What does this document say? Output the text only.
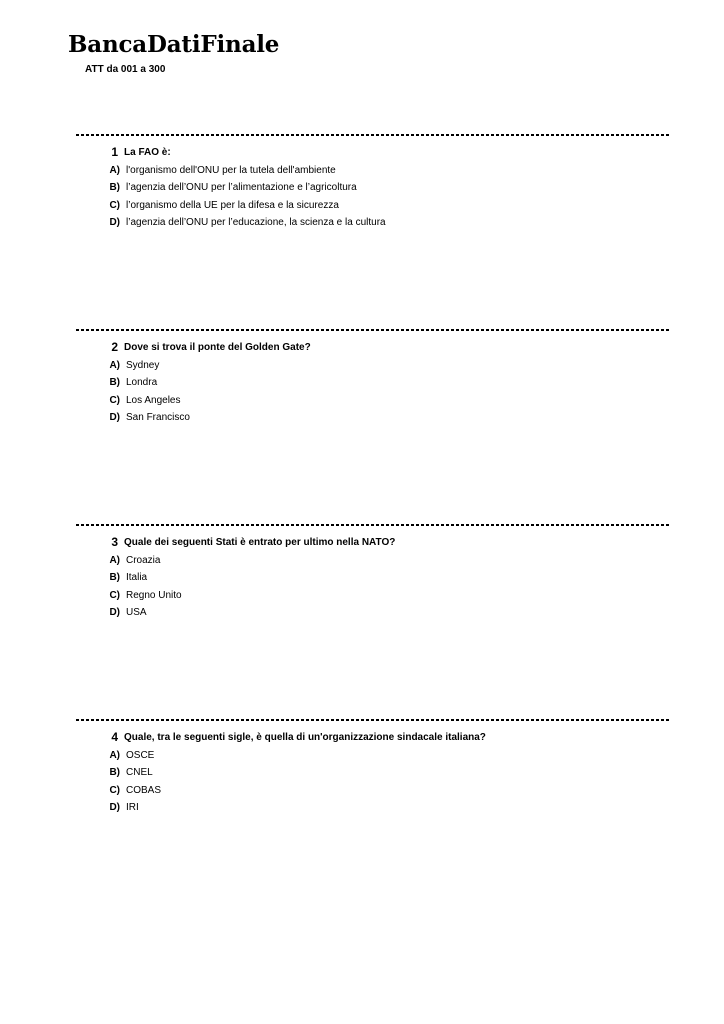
BancaDatiFinale
ATT da 001 a 300
1 La FAO è:
A) l'organismo dell'ONU per la tutela dell'ambiente
B) l’agenzia dell’ONU per l’alimentazione e l’agricoltura
C) l’organismo della UE per la difesa e la sicurezza
D) l’agenzia dell’ONU per l’educazione, la scienza e la cultura
2 Dove si trova il ponte del Golden Gate?
A) Sydney
B) Londra
C) Los Angeles
D) San Francisco
3 Quale dei seguenti Stati è entrato per ultimo nella NATO?
A) Croazia
B) Italia
C) Regno Unito
D) USA
4 Quale, tra le seguenti sigle, è quella di un'organizzazione sindacale italiana?
A) OSCE
B) CNEL
C) COBAS
D) IRI
